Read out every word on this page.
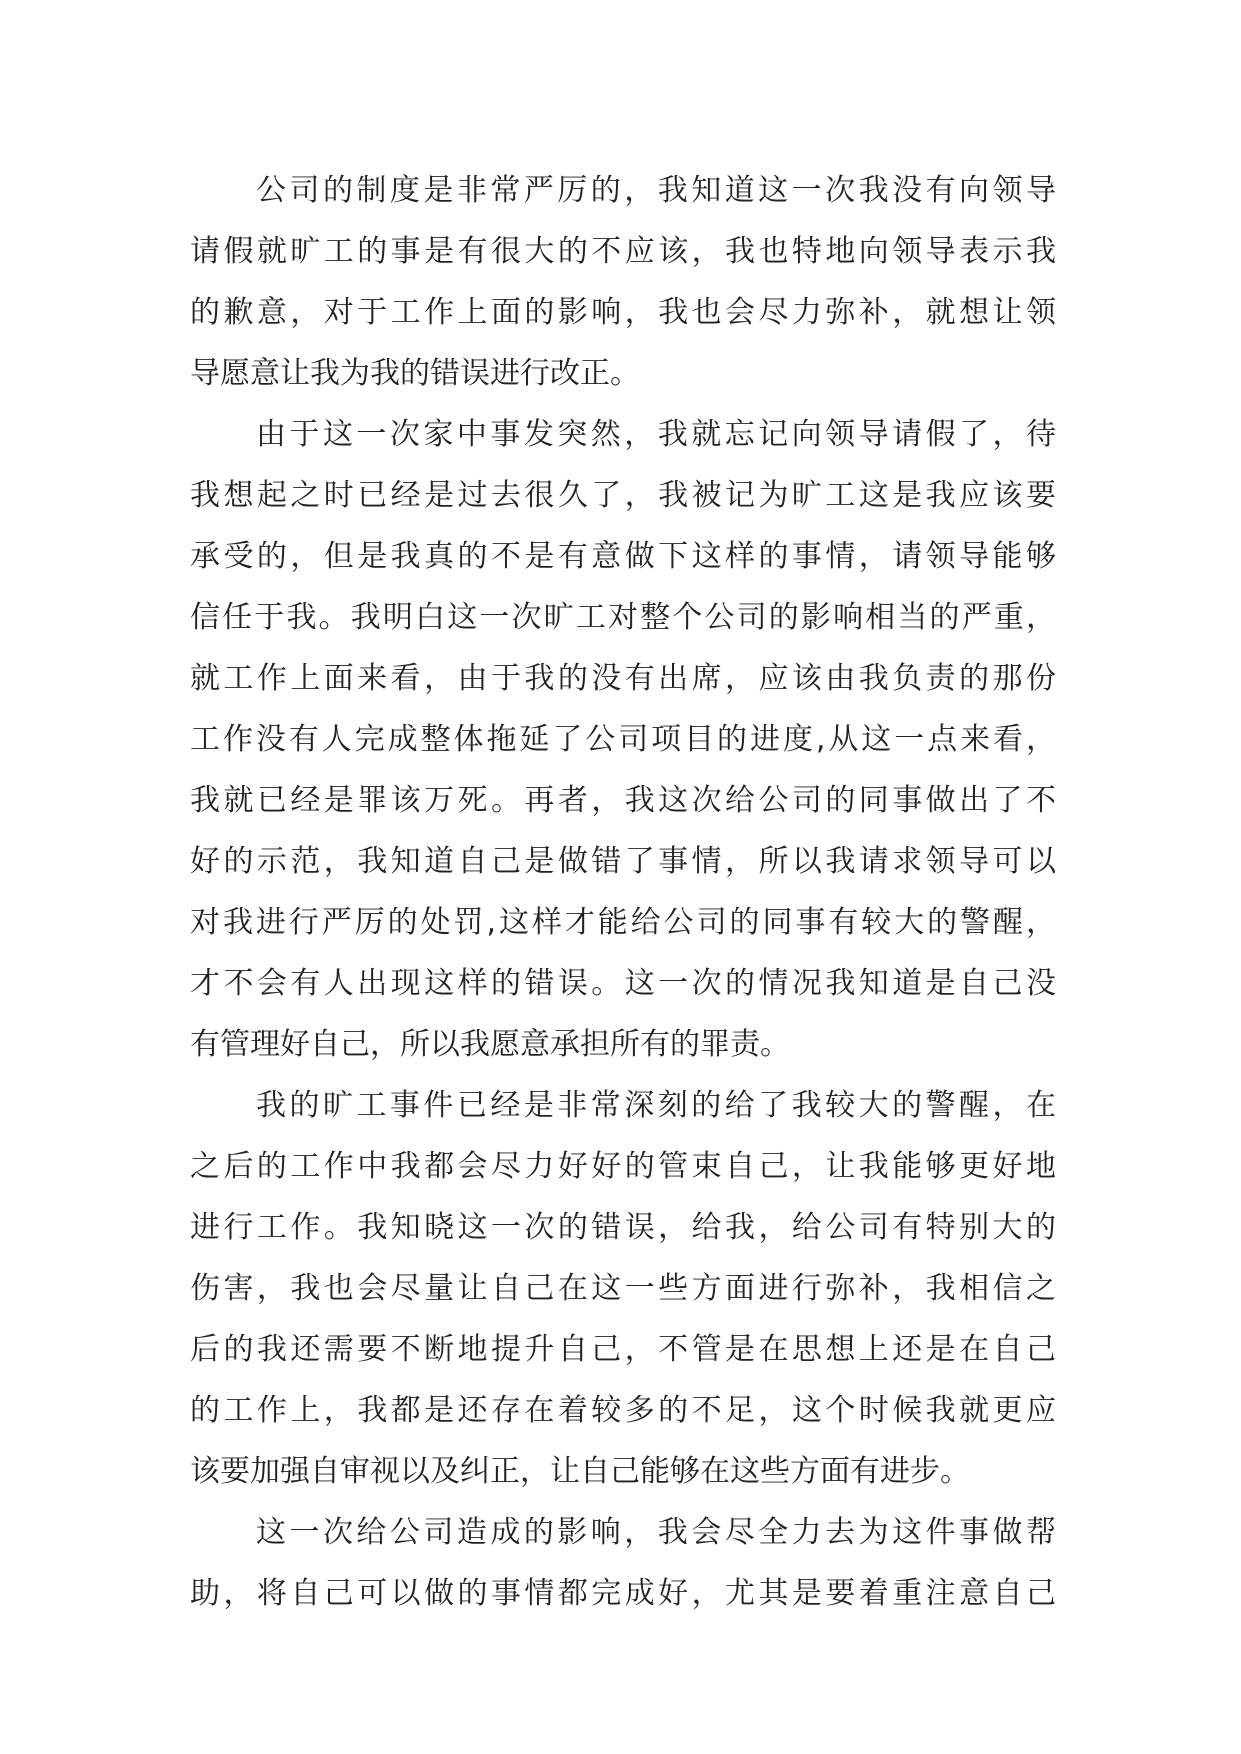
公司的制度是非常严厉的，我知道这一次我没有向领导
请假就旷工的事是有很大的不应该，我也特地向领导表示我
的歉意，对于工作上面的影响，我也会尽力弥补，就想让领
导愿意让我为我的错误进行改正。
由于这一次家中事发突然，我就忘记向领导请假了，待
我想起之时已经是过去很久了，我被记为旷工这是我应该要
承受的，但是我真的不是有意做下这样的事情，请领导能够
信任于我。我明白这一次旷工对整个公司的影响相当的严重，
就工作上面来看，由于我的没有出席，应该由我负责的那份
工作没有人完成整体拖延了公司项目的进度,从这一点来看，
我就已经是罪该万死。再者，我这次给公司的同事做出了不
好的示范，我知道自己是做错了事情，所以我请求领导可以
对我进行严厉的处罚,这样才能给公司的同事有较大的警醒，
才不会有人出现这样的错误。这一次的情况我知道是自己没
有管理好自己，所以我愿意承担所有的罪责。
我的旷工事件已经是非常深刻的给了我较大的警醒，在
之后的工作中我都会尽力好好的管束自己，让我能够更好地
进行工作。我知晓这一次的错误，给我，给公司有特别大的
伤害，我也会尽量让自己在这一些方面进行弥补，我相信之
后的我还需要不断地提升自己，不管是在思想上还是在自己
的工作上，我都是还存在着较多的不足，这个时候我就更应
该要加强自审视以及纠正，让自己能够在这些方面有进步。
这一次给公司造成的影响，我会尽全力去为这件事做帮
助，将自己可以做的事情都完成好，尤其是要着重注意自己
